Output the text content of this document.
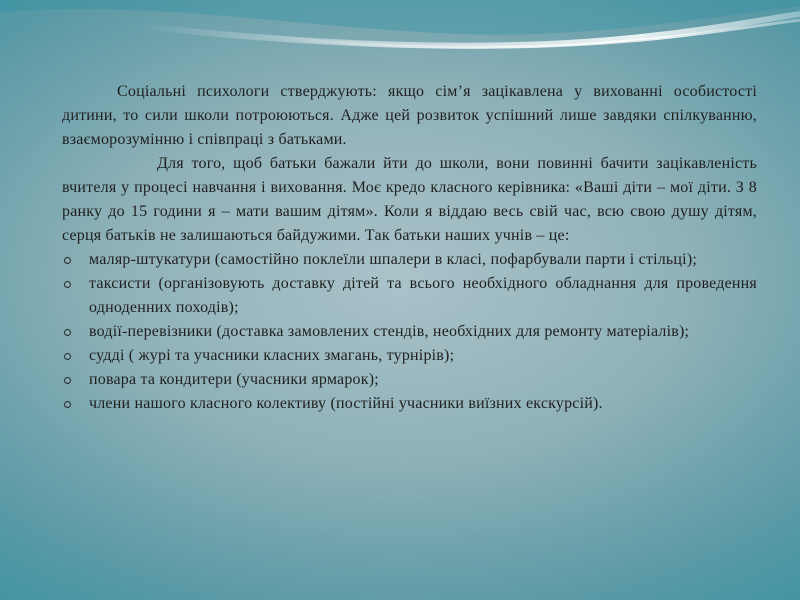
Соціальні психологи стверджують: якщо сім’я зацікавлена у вихованні особистості дитини, то сили школи потроюються. Адже цей розвиток успішний лише завдяки спілкуванню, взаєморозумінню і співпраці з батьками.

Для того, щоб батьки бажали йти до школи, вони повинні бачити зацікавленість вчителя у процесі навчання і виховання. Моє кредо класного керівника: «Ваші діти – мої діти. З 8 ранку до 15 години я – мати вашим дітям». Коли я віддаю весь свій час, всю свою душу дітям, серця батьків не залишаються байдужими. Так батьки наших учнів – це:

маляр-штукатури (самостійно поклеїли шпалери в класі, пофарбували парти і стільці);
таксисти (організовують доставку дітей та всього необхідного обладнання для проведення одноденних походів);
водії-перевізники (доставка замовлених стендів, необхідних для ремонту матеріалів);
судді ( журі та учасники класних змагань, турнірів);
повара та кондитери (учасники ярмарок);
члени нашого класного колективу (постійні учасники виїзних екскурсій).
